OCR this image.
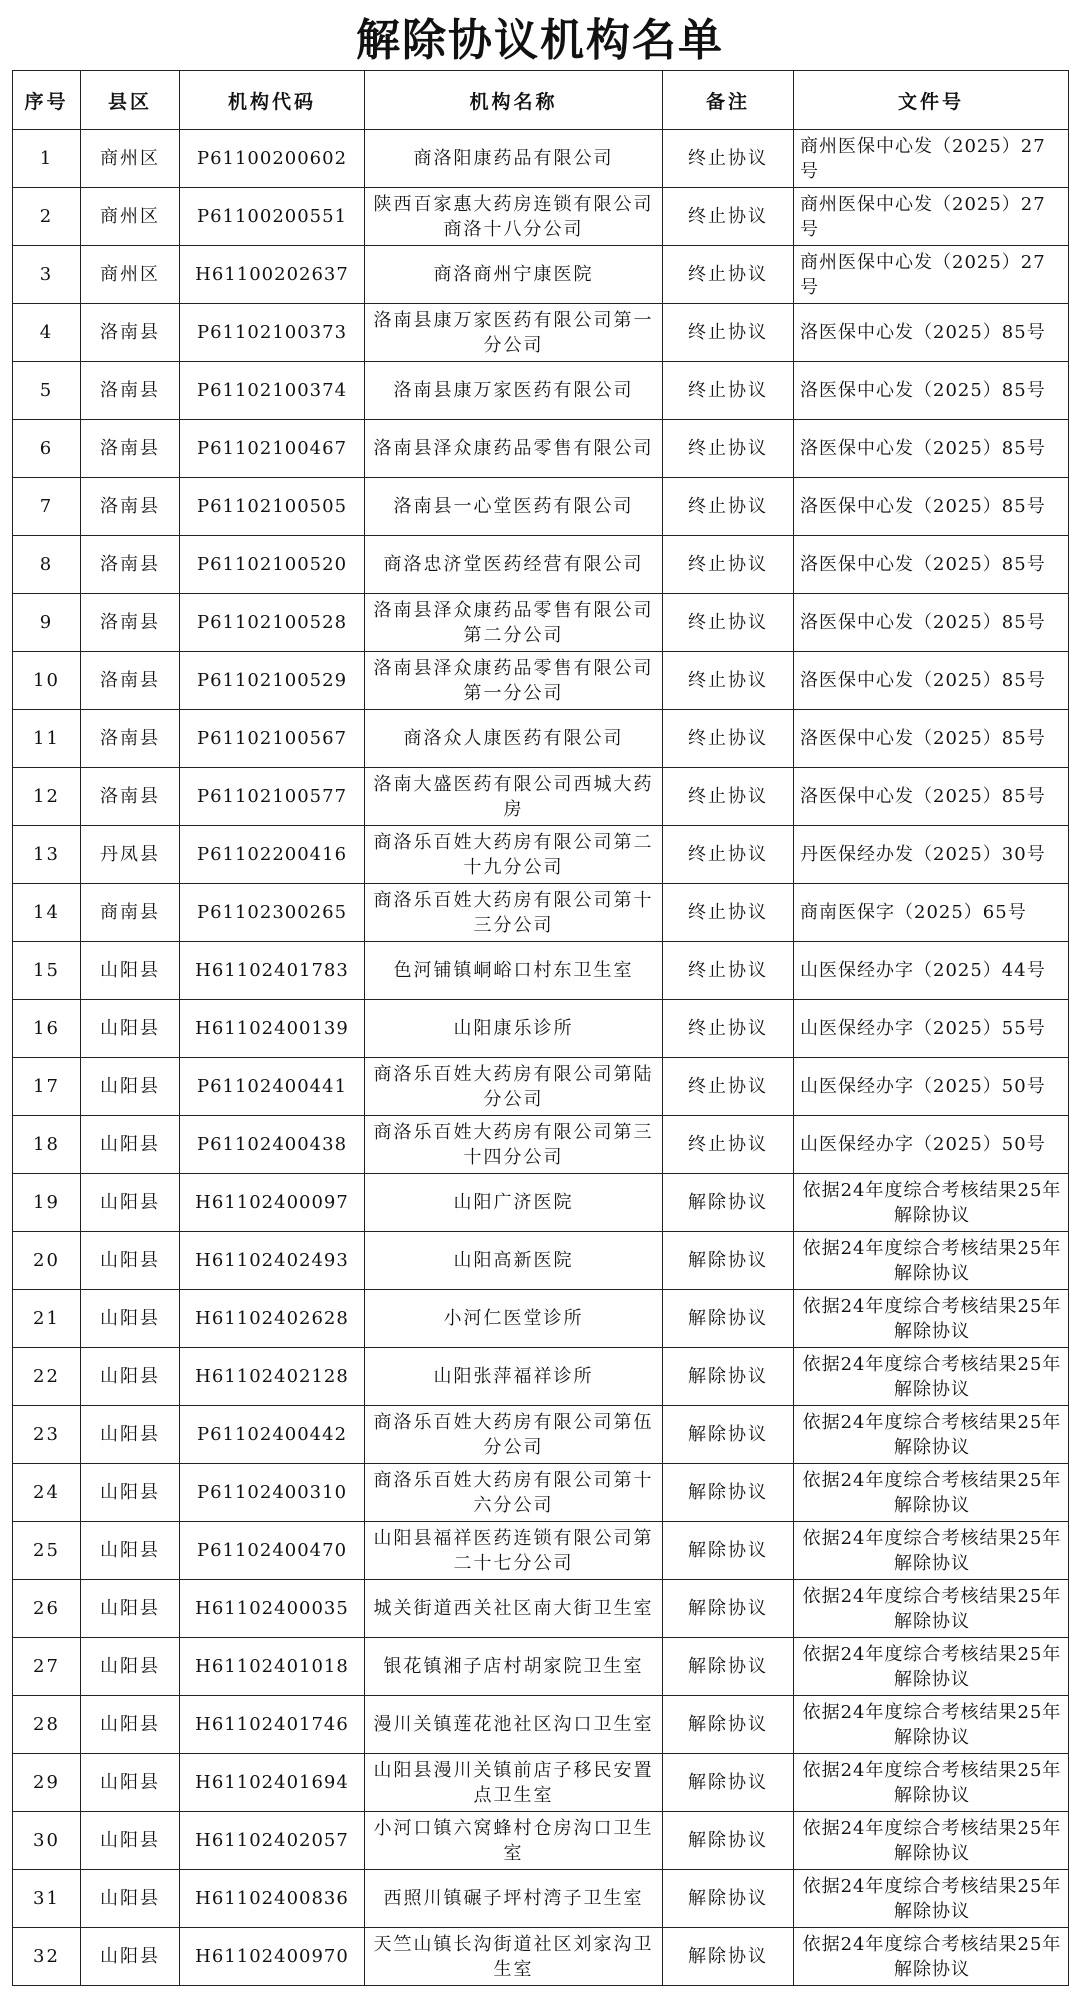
解除协议机构名单
序号	县区	机构代码	机构名称	备注	文件号
1	商州区	P61100200602	商洛阳康药品有限公司	终止协议	商州医保中心发（2025）27号
2	商州区	P61100200551	陕西百家惠大药房连锁有限公司商洛十八分公司	终止协议	商州医保中心发（2025）27号
3	商州区	H61100202637	商洛商州宁康医院	终止协议	商州医保中心发（2025）27号
4	洛南县	P61102100373	洛南县康万家医药有限公司第一分公司	终止协议	洛医保中心发（2025）85号
5	洛南县	P61102100374	洛南县康万家医药有限公司	终止协议	洛医保中心发（2025）85号
6	洛南县	P61102100467	洛南县泽众康药品零售有限公司	终止协议	洛医保中心发（2025）85号
7	洛南县	P61102100505	洛南县一心堂医药有限公司	终止协议	洛医保中心发（2025）85号
8	洛南县	P61102100520	商洛忠济堂医药经营有限公司	终止协议	洛医保中心发（2025）85号
9	洛南县	P61102100528	洛南县泽众康药品零售有限公司第二分公司	终止协议	洛医保中心发（2025）85号
10	洛南县	P61102100529	洛南县泽众康药品零售有限公司第一分公司	终止协议	洛医保中心发（2025）85号
11	洛南县	P61102100567	商洛众人康医药有限公司	终止协议	洛医保中心发（2025）85号
12	洛南县	P61102100577	洛南大盛医药有限公司西城大药房	终止协议	洛医保中心发（2025）85号
13	丹凤县	P61102200416	商洛乐百姓大药房有限公司第二十九分公司	终止协议	丹医保经办发（2025）30号
14	商南县	P61102300265	商洛乐百姓大药房有限公司第十三分公司	终止协议	商南医保字（2025）65号
15	山阳县	H61102401783	色河铺镇峒峪口村东卫生室	终止协议	山医保经办字（2025）44号
16	山阳县	H61102400139	山阳康乐诊所	终止协议	山医保经办字（2025）55号
17	山阳县	P61102400441	商洛乐百姓大药房有限公司第陆分公司	终止协议	山医保经办字（2025）50号
18	山阳县	P61102400438	商洛乐百姓大药房有限公司第三十四分公司	终止协议	山医保经办字（2025）50号
19	山阳县	H61102400097	山阳广济医院	解除协议	依据24年度综合考核结果25年解除协议
20	山阳县	H61102402493	山阳高新医院	解除协议	依据24年度综合考核结果25年解除协议
21	山阳县	H61102402628	小河仁医堂诊所	解除协议	依据24年度综合考核结果25年解除协议
22	山阳县	H61102402128	山阳张萍福祥诊所	解除协议	依据24年度综合考核结果25年解除协议
23	山阳县	P61102400442	商洛乐百姓大药房有限公司第伍分公司	解除协议	依据24年度综合考核结果25年解除协议
24	山阳县	P61102400310	商洛乐百姓大药房有限公司第十六分公司	解除协议	依据24年度综合考核结果25年解除协议
25	山阳县	P61102400470	山阳县福祥医药连锁有限公司第二十七分公司	解除协议	依据24年度综合考核结果25年解除协议
26	山阳县	H61102400035	城关街道西关社区南大街卫生室	解除协议	依据24年度综合考核结果25年解除协议
27	山阳县	H61102401018	银花镇湘子店村胡家院卫生室	解除协议	依据24年度综合考核结果25年解除协议
28	山阳县	H61102401746	漫川关镇莲花池社区沟口卫生室	解除协议	依据24年度综合考核结果25年解除协议
29	山阳县	H61102401694	山阳县漫川关镇前店子移民安置点卫生室	解除协议	依据24年度综合考核结果25年解除协议
30	山阳县	H61102402057	小河口镇六窝蜂村仓房沟口卫生室	解除协议	依据24年度综合考核结果25年解除协议
31	山阳县	H61102400836	西照川镇碾子坪村湾子卫生室	解除协议	依据24年度综合考核结果25年解除协议
32	山阳县	H61102400970	天竺山镇长沟街道社区刘家沟卫生室	解除协议	依据24年度综合考核结果25年解除协议
